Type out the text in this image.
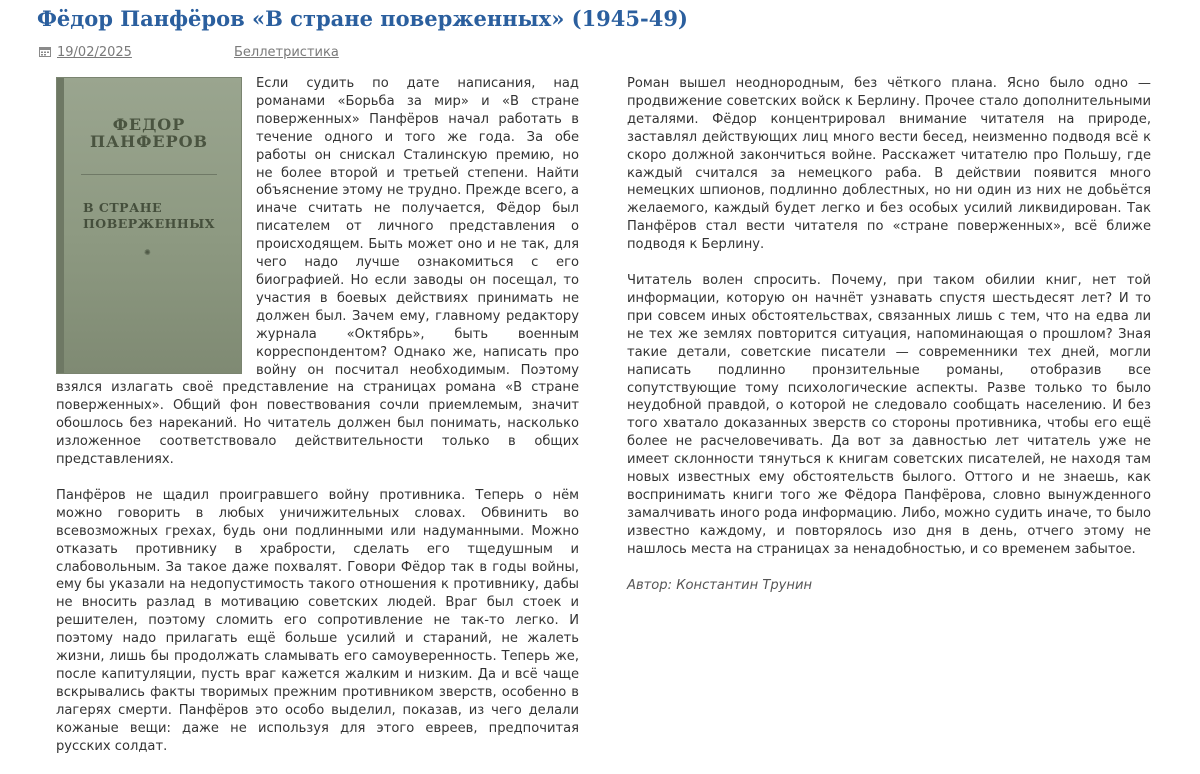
Фёдор Панфёров «В стране поверженных» (1945-49)
19/02/2025	Беллетристика
ФЕДОР
ПАНФЕРОВ
В СТРАНЕ
ПОВЕРЖЕННЫХ
✺

Если судить по дате написания, над романами «Борьба за мир» и «В стране поверженных» Панфёров начал работать в течение одного и того же года. За обе работы он снискал Сталинскую премию, но не более второй и третьей степени. Найти объяснение этому не трудно. Прежде всего, а иначе считать не получается, Фёдор был писателем от личного представления о происходящем. Быть может оно и не так, для чего надо лучше ознакомиться с его биографией. Но если заводы он посещал, то участия в боевых действиях принимать не должен был. Зачем ему, главному редактору журнала «Октябрь», быть военным корреспондентом? Однако же, написать про войну он посчитал необходимым. Поэтому взялся излагать своё представление на страницах романа «В стране поверженных». Общий фон повествования сочли приемлемым, значит обошлось без нареканий. Но читатель должен был понимать, насколько изложенное соответствовало действительности только в общих представлениях.

Панфёров не щадил проигравшего войну противника. Теперь о нём можно говорить в любых уничижительных словах. Обвинить во всевозможных грехах, будь они подлинными или надуманными. Можно отказать противнику в храбрости, сделать его тщедушным и слабовольным. За такое даже похвалят. Говори Фёдор так в годы войны, ему бы указали на недопустимость такого отношения к противнику, дабы не вносить разлад в мотивацию советских людей. Враг был стоек и решителен, поэтому сломить его сопротивление не так-то легко. И поэтому надо прилагать ещё больше усилий и стараний, не жалеть жизни, лишь бы продолжать сламывать его самоуверенность. Теперь же, после капитуляции, пусть враг кажется жалким и низким. Да и всё чаще вскрывались факты творимых прежним противником зверств, особенно в лагерях смерти. Панфёров это особо выделил, показав, из чего делали кожаные вещи: даже не используя для этого евреев, предпочитая русских солдат.

Роман вышел неоднородным, без чёткого плана. Ясно было одно — продвижение советских войск к Берлину. Прочее стало дополнительными деталями. Фёдор концентрировал внимание читателя на природе, заставлял действующих лиц много вести бесед, неизменно подводя всё к скоро должной закончиться войне. Расскажет читателю про Польшу, где каждый считался за немецкого раба. В действии появится много немецких шпионов, подлинно доблестных, но ни один из них не добьётся желаемого, каждый будет легко и без особых усилий ликвидирован. Так Панфёров стал вести читателя по «стране поверженных», всё ближе подводя к Берлину.

Читатель волен спросить. Почему, при таком обилии книг, нет той информации, которую он начнёт узнавать спустя шестьдесят лет? И то при совсем иных обстоятельствах, связанных лишь с тем, что на едва ли не тех же землях повторится ситуация, напоминающая о прошлом? Зная такие детали, советские писатели — современники тех дней, могли написать подлинно пронзительные романы, отобразив все сопутствующие тому психологические аспекты. Разве только то было неудобной правдой, о которой не следовало сообщать населению. И без того хватало доказанных зверств со стороны противника, чтобы его ещё более не расчеловечивать. Да вот за давностью лет читатель уже не имеет склонности тянуться к книгам советских писателей, не находя там новых известных ему обстоятельств былого. Оттого и не знаешь, как воспринимать книги того же Фёдора Панфёрова, словно вынужденного замалчивать иного рода информацию. Либо, можно судить иначе, то было известно каждому, и повторялось изо дня в день, отчего этому не нашлось места на страницах за ненадобностью, и со временем забытое.

Автор: Константин Трунин
